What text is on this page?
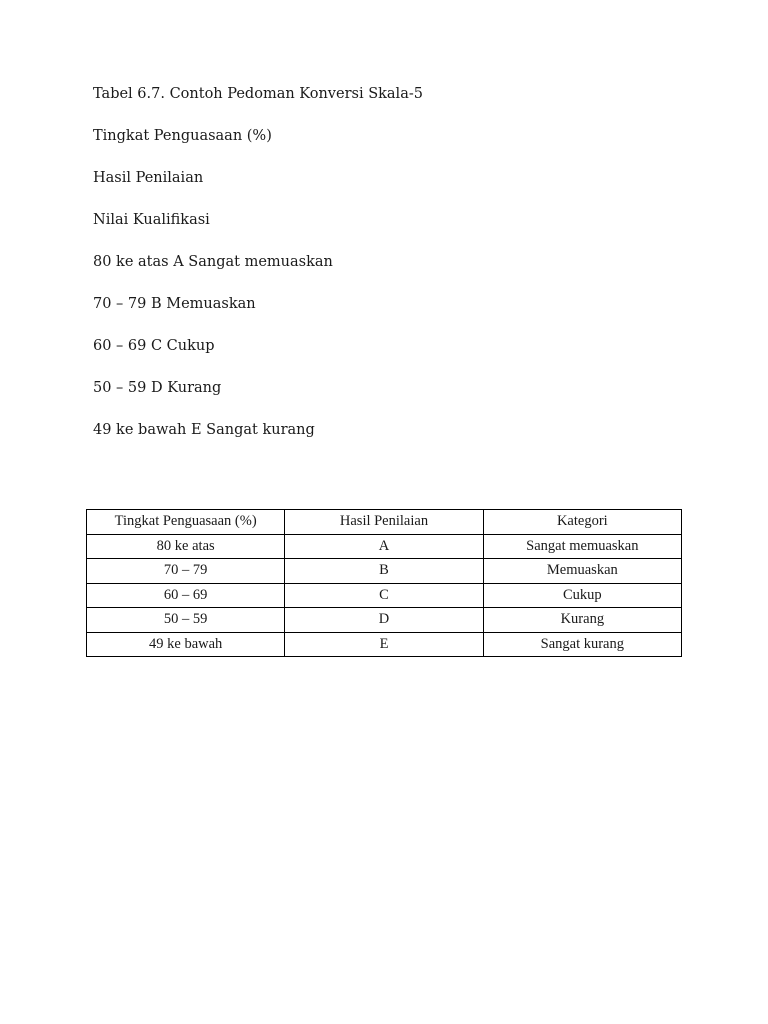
Tabel 6.7. Contoh Pedoman Konversi Skala-5
Tingkat Penguasaan (%)
Hasil Penilaian
Nilai Kualifikasi
80 ke atas A Sangat memuaskan
70 – 79 B Memuaskan
60 – 69 C Cukup
50 – 59 D Kurang
49 ke bawah E Sangat kurang
Tingkat Penguasaan (%)	Hasil Penilaian	Kategori
80 ke atas	A	Sangat memuaskan
70 – 79	B	Memuaskan
60 – 69	C	Cukup
50 – 59	D	Kurang
49 ke bawah	E	Sangat kurang
